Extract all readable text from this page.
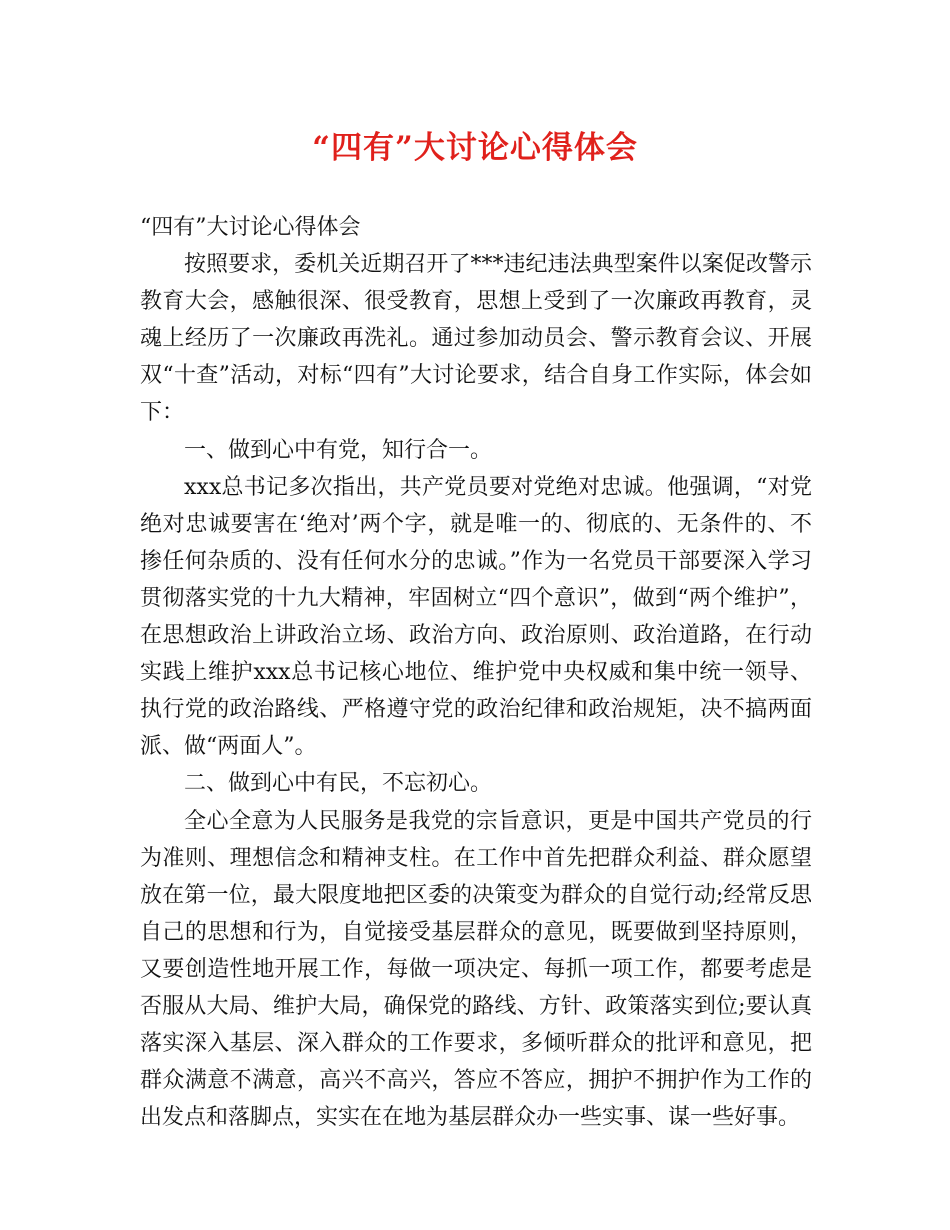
“四有”大讨论心得体会

“四有”大讨论心得体会

按照要求，委机关近期召开了***违纪违法典型案件以案促改警示教育大会，感触很深、很受教育，思想上受到了一次廉政再教育，灵魂上经历了一次廉政再洗礼。通过参加动员会、警示教育会议、开展双“十查”活动，对标“四有”大讨论要求，结合自身工作实际，体会如下：

一、做到心中有党，知行合一。

xxx总书记多次指出，共产党员要对党绝对忠诚。他强调，“对党绝对忠诚要害在‘绝对’两个字，就是唯一的、彻底的、无条件的、不掺任何杂质的、没有任何水分的忠诚。”作为一名党员干部要深入学习贯彻落实党的十九大精神，牢固树立“四个意识”，做到“两个维护”，在思想政治上讲政治立场、政治方向、政治原则、政治道路，在行动实践上维护xxx总书记核心地位、维护党中央权威和集中统一领导、执行党的政治路线、严格遵守党的政治纪律和政治规矩，决不搞两面派、做“两面人”。

二、做到心中有民，不忘初心。

全心全意为人民服务是我党的宗旨意识，更是中国共产党员的行为准则、理想信念和精神支柱。在工作中首先把群众利益、群众愿望放在第一位，最大限度地把区委的决策变为群众的自觉行动;经常反思自己的思想和行为，自觉接受基层群众的意见，既要做到坚持原则，又要创造性地开展工作，每做一项决定、每抓一项工作，都要考虑是否服从大局、维护大局，确保党的路线、方针、政策落实到位;要认真落实深入基层、深入群众的工作要求，多倾听群众的批评和意见，把群众满意不满意，高兴不高兴，答应不答应，拥护不拥护作为工作的出发点和落脚点，实实在在地为基层群众办一些实事、谋一些好事。
